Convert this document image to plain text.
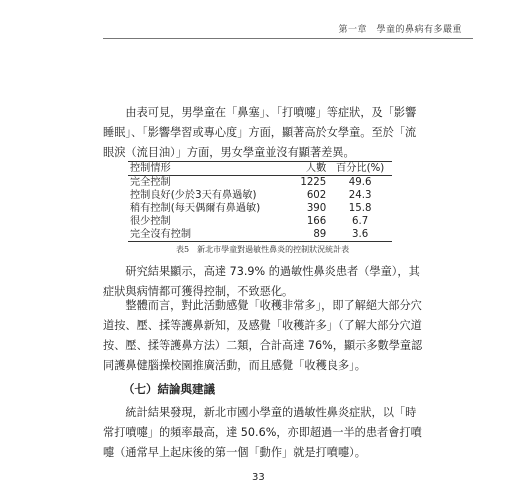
第一章　學童的鼻病有多嚴重
由表可見，男學童在「鼻塞」、「打噴嚏」等症狀，及「影響睡眠」、「影響學習或專心度」方面，顯著高於女學童。至於「流眼淚（流目油）」方面，男女學童並沒有顯著差異。
控制情形	人數	百分比(%)
完全控制	1225	49.6
控制良好(少於3天有鼻過敏)	602	24.3
稍有控制(每天偶爾有鼻過敏)	390	15.8
很少控制	166	6.7
完全沒有控制	89	3.6
表5　新北市學童對過敏性鼻炎的控制狀況統計表
研究結果顯示，高達 73.9% 的過敏性鼻炎患者（學童），其症狀與病情都可獲得控制，不致惡化。
整體而言，對此活動感覺「收穫非常多」，即了解絕大部分穴道按、壓、揉等護鼻新知，及感覺「收穫許多」（了解大部分穴道按、壓、揉等護鼻方法）二類，合計高達 76%，顯示多數學童認同護鼻健腦操校園推廣活動，而且感覺「收穫良多」。
（七）結論與建議
統計結果發現，新北市國小學童的過敏性鼻炎症狀，以「時常打噴嚏」的頻率最高，達 50.6%，亦即超過一半的患者會打噴嚏（通常早上起床後的第一個「動作」就是打噴嚏）。
33
